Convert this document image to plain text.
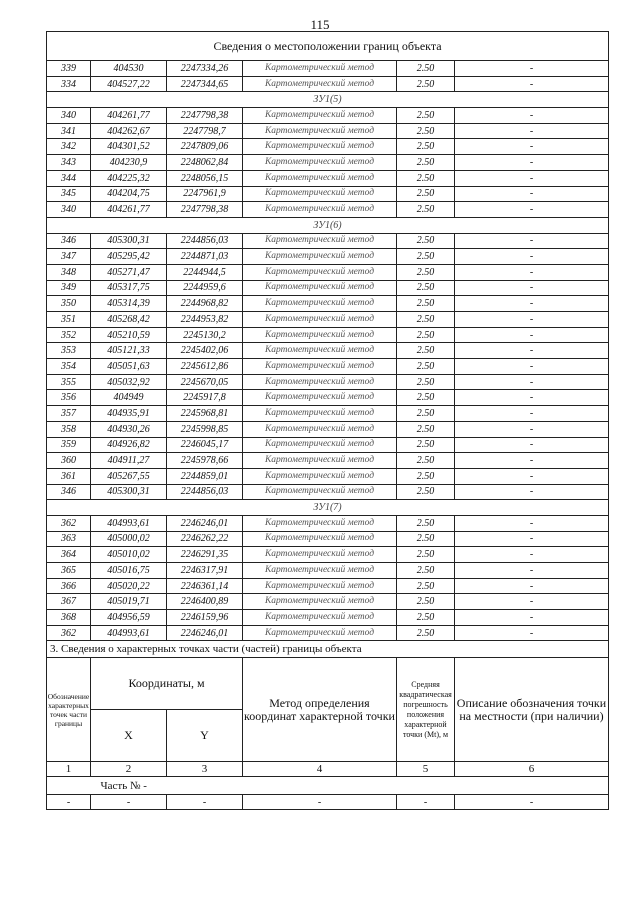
115
Сведения о местоположении границ объекта					
339	404530	2247334,26	Картометрический метод	2.50	-
334	404527,22	2247344,65	Картометрический метод	2.50	-
ЗУ1(5)					
340	404261,77	2247798,38	Картометрический метод	2.50	-
341	404262,67	2247798,7	Картометрический метод	2.50	-
342	404301,52	2247809,06	Картометрический метод	2.50	-
343	404230,9	2248062,84	Картометрический метод	2.50	-
344	404225,32	2248056,15	Картометрический метод	2.50	-
345	404204,75	2247961,9	Картометрический метод	2.50	-
340	404261,77	2247798,38	Картометрический метод	2.50	-
ЗУ1(6)					
346	405300,31	2244856,03	Картометрический метод	2.50	-
347	405295,42	2244871,03	Картометрический метод	2.50	-
348	405271,47	2244944,5	Картометрический метод	2.50	-
349	405317,75	2244959,6	Картометрический метод	2.50	-
350	405314,39	2244968,82	Картометрический метод	2.50	-
351	405268,42	2244953,82	Картометрический метод	2.50	-
352	405210,59	2245130,2	Картометрический метод	2.50	-
353	405121,33	2245402,06	Картометрический метод	2.50	-
354	405051,63	2245612,86	Картометрический метод	2.50	-
355	405032,92	2245670,05	Картометрический метод	2.50	-
356	404949	2245917,8	Картометрический метод	2.50	-
357	404935,91	2245968,81	Картометрический метод	2.50	-
358	404930,26	2245998,85	Картометрический метод	2.50	-
359	404926,82	2246045,17	Картометрический метод	2.50	-
360	404911,27	2245978,66	Картометрический метод	2.50	-
361	405267,55	2244859,01	Картометрический метод	2.50	-
346	405300,31	2244856,03	Картометрический метод	2.50	-
ЗУ1(7)					
362	404993,61	2246246,01	Картометрический метод	2.50	-
363	405000,02	2246262,22	Картометрический метод	2.50	-
364	405010,02	2246291,35	Картометрический метод	2.50	-
365	405016,75	2246317,91	Картометрический метод	2.50	-
366	405020,22	2246361,14	Картометрический метод	2.50	-
367	405019,71	2246400,89	Картометрический метод	2.50	-
368	404956,59	2246159,96	Картометрический метод	2.50	-
362	404993,61	2246246,01	Картометрический метод	2.50	-
3. Сведения о характерных точках части (частей) границы объекта					
Обозначение характерных точек части границы	Координаты, м		Метод определения координат характерной точки	Средняя квадратическая погрешность положения характерной точки (Mt), м	Описание обозначения точки на местности (при наличии)
	X	Y			
1	2	3	4	5	6
	Часть № -				
-	-	-	-	-	-
